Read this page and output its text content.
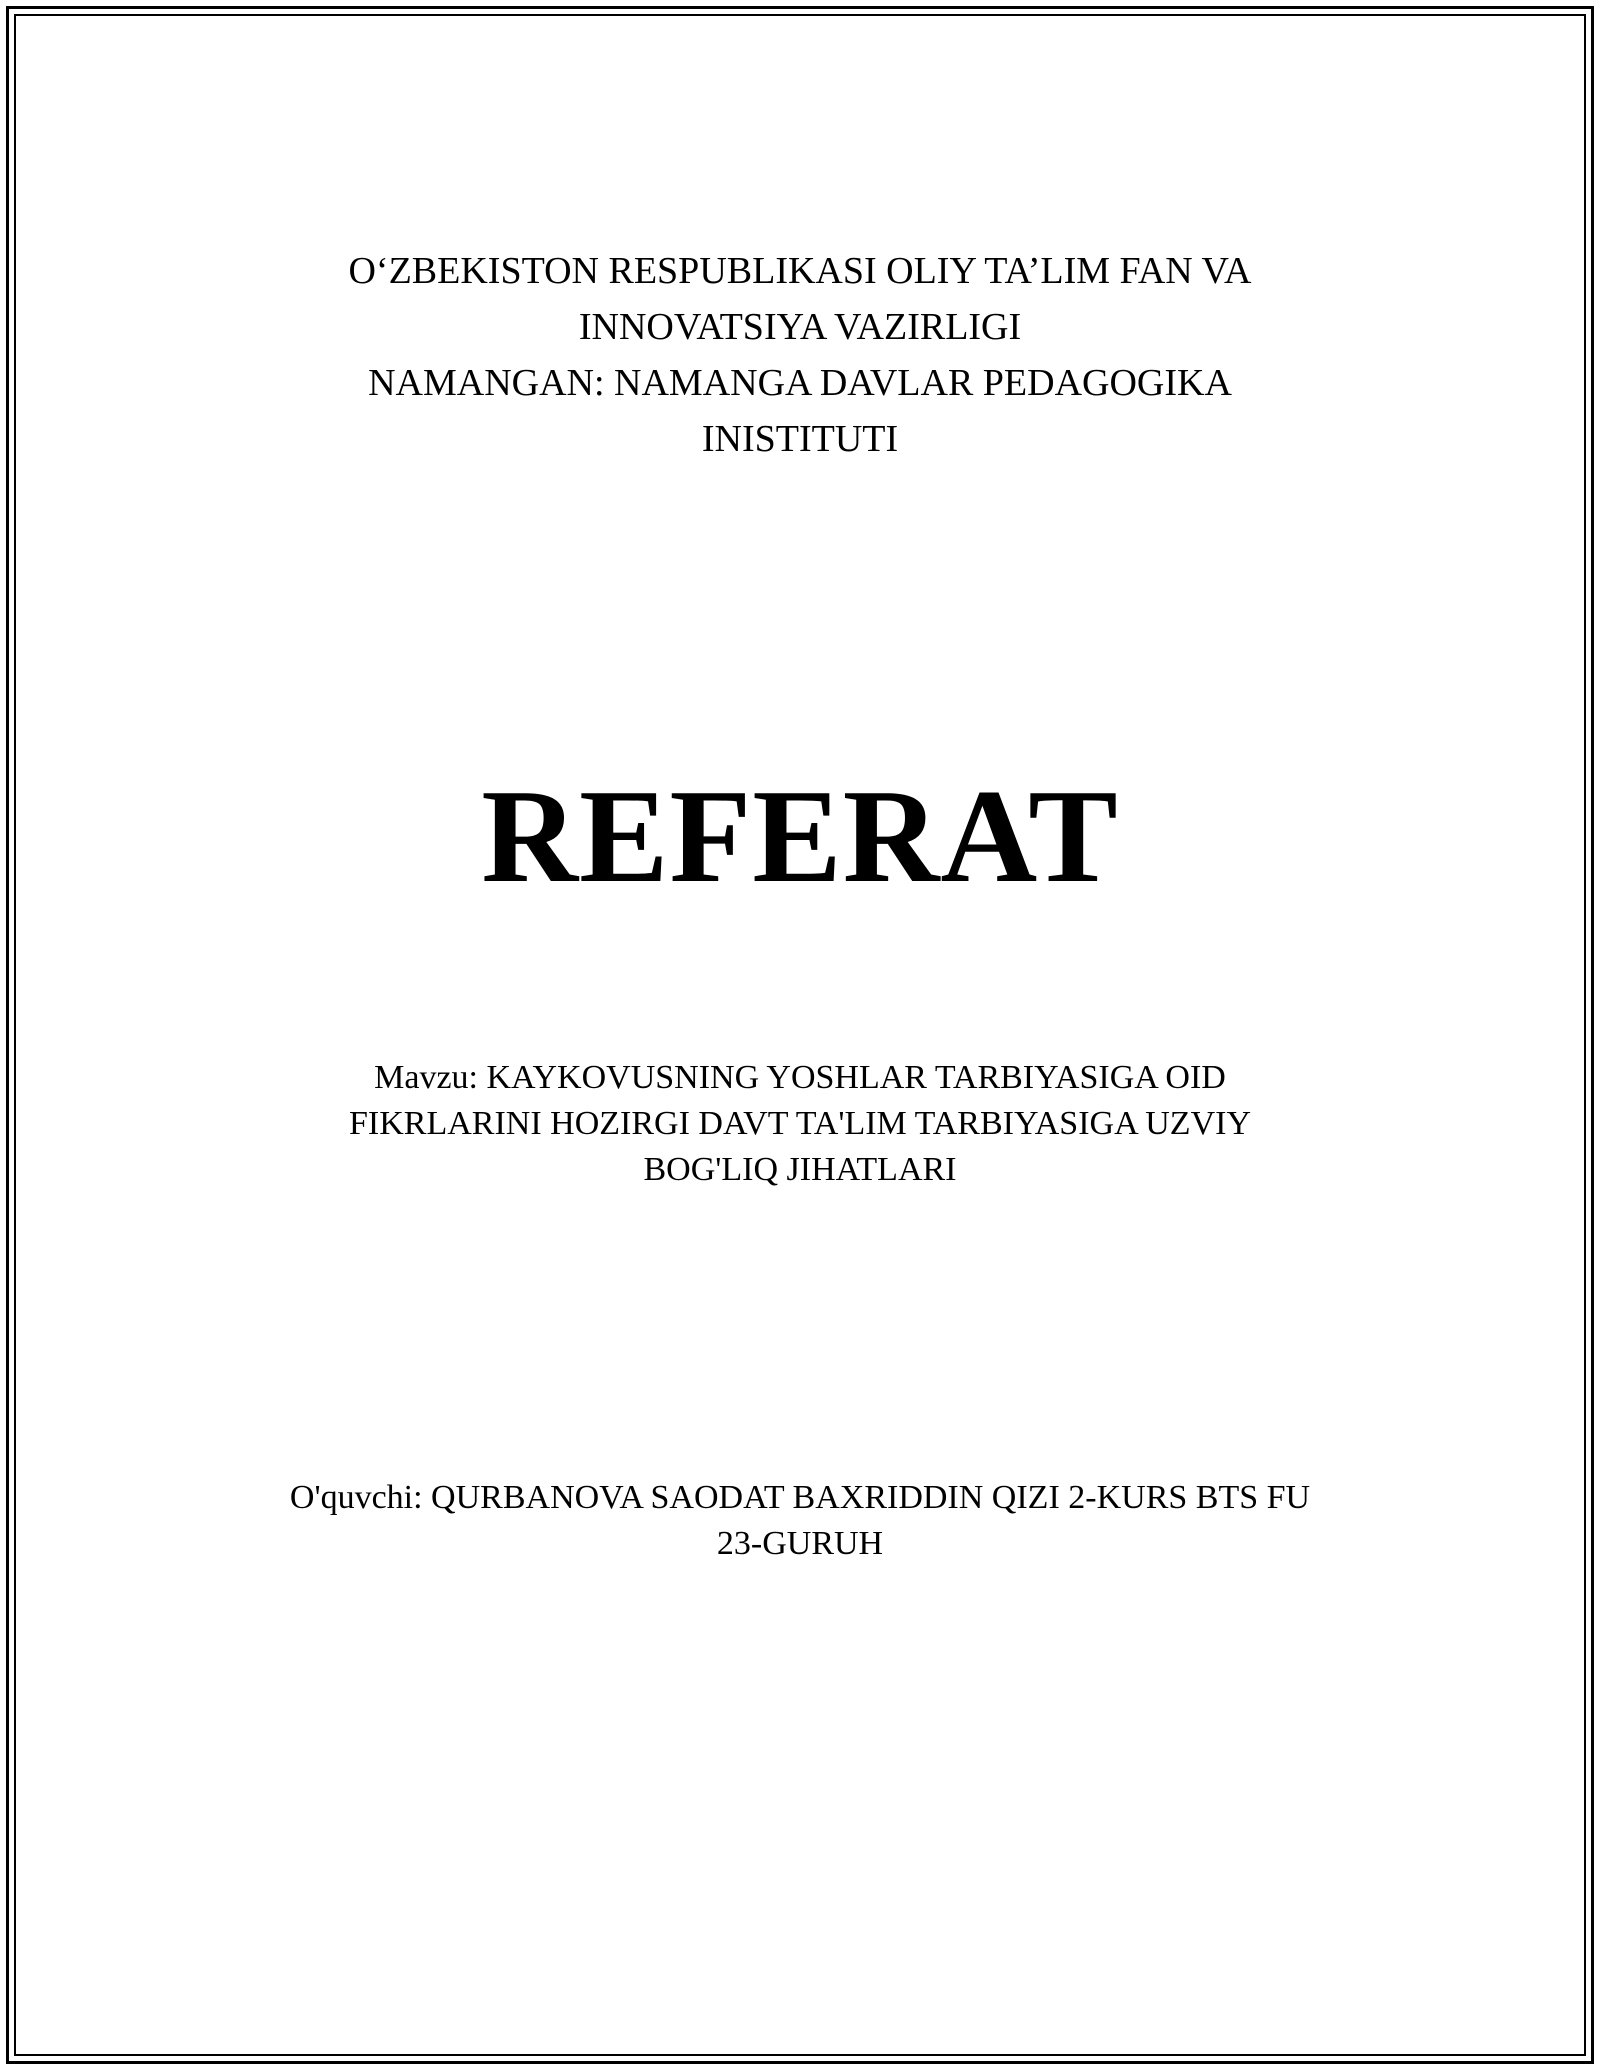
O‘ZBEKISTON RESPUBLIKASI OLIY TA’LIM FAN VA
INNOVATSIYA VAZIRLIGI
NAMANGAN: NAMANGA DAVLAR PEDAGOGIKA
INISTITUTI
REFERAT
Mavzu: KAYKOVUSNING YOSHLAR TARBIYASIGA OID
FIKRLARINI HOZIRGI DAVT TA'LIM TARBIYASIGA UZVIY
BOG'LIQ JIHATLARI
O'quvchi: QURBANOVA SAODAT BAXRIDDIN QIZI 2-KURS BTS FU
23-GURUH
